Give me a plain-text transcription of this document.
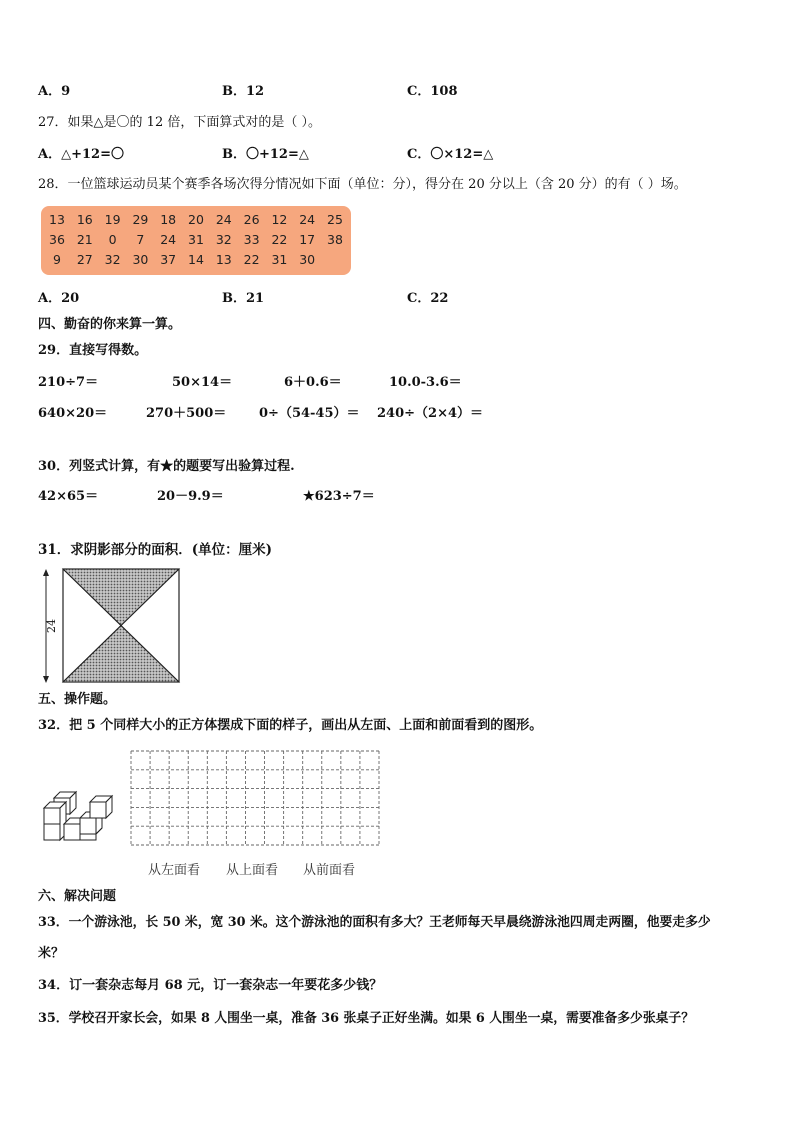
A．9	B．12	C．108
27．如果△是〇的 12 倍，下面算式对的是（ ）。
A．△+12=〇	B．〇+12=△	C．〇×12=△
28．一位篮球运动员某个赛季各场次得分情况如下面（单位：分），得分在 20 分以上（含 20 分）的有（ ）场。
13 16 19 29 18 20 24 26 12 24 25
36 21	0	7	24 31 32 33 22 17 38
9	27 32 30 37 14 13 22 31 30
A．20	B．21	C．22
四、勤奋的你来算一算。
29．直接写得数。
210÷7＝	50×14＝	6＋0.6＝	10.0-3.6＝
640×20＝	270＋500＝	0÷（54-45）＝ 240÷（2×4）＝
30．列竖式计算，有★的题要写出验算过程.
42×65＝	20－9.9＝	★623÷7＝
31．求阴影部分的面积．(单位：厘米)
24
五、操作题。
32．把 5 个同样大小的正方体摆成下面的样子，画出从左面、上面和前面看到的图形。
从左面看 从上面看 从前面看
六、解决问题
33．一个游泳池，长 50 米，宽 30 米。这个游泳池的面积有多大？王老师每天早晨绕游泳池四周走两圈，他要走多少
米？
34．订一套杂志每月 68 元，订一套杂志一年要花多少钱？
35．学校召开家长会，如果 8 人围坐一桌，准备 36 张桌子正好坐满。如果 6 人围坐一桌，需要准备多少张桌子？
